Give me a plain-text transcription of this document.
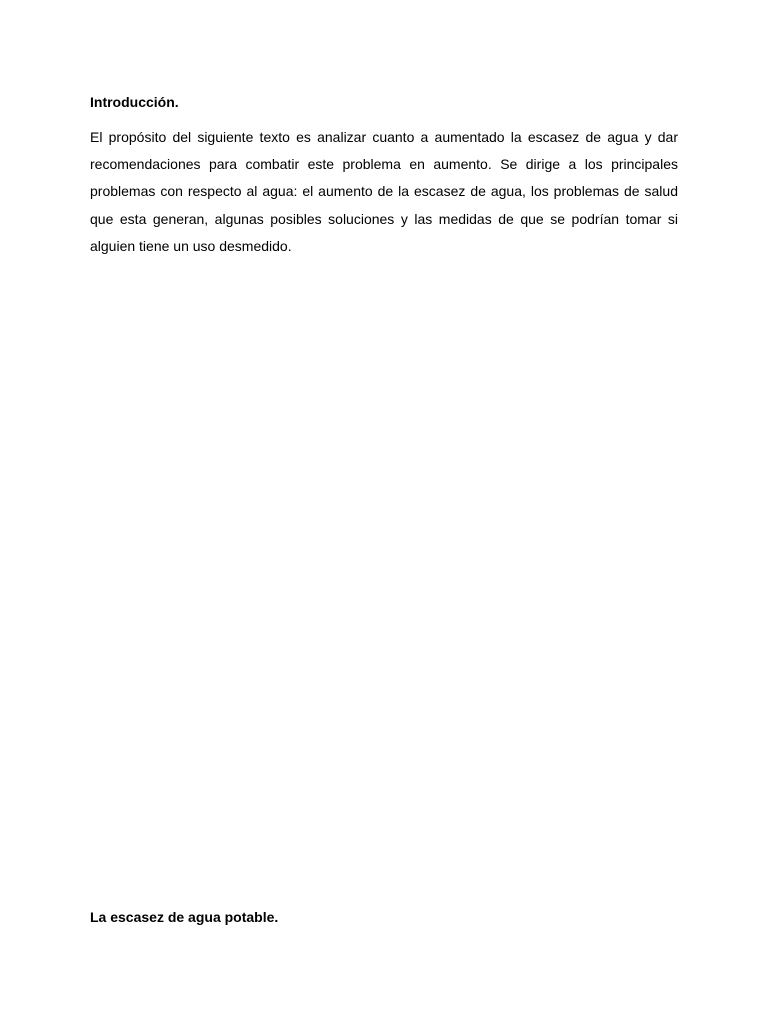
Introducción.

El propósito del siguiente texto es analizar cuanto a aumentado la escasez de agua y dar recomendaciones para combatir este problema en aumento. Se dirige a los principales problemas con respecto al agua: el aumento de la escasez de agua, los problemas de salud que esta generan, algunas posibles soluciones y las medidas de que se podrían tomar si alguien tiene un uso desmedido.

La escasez de agua potable.
